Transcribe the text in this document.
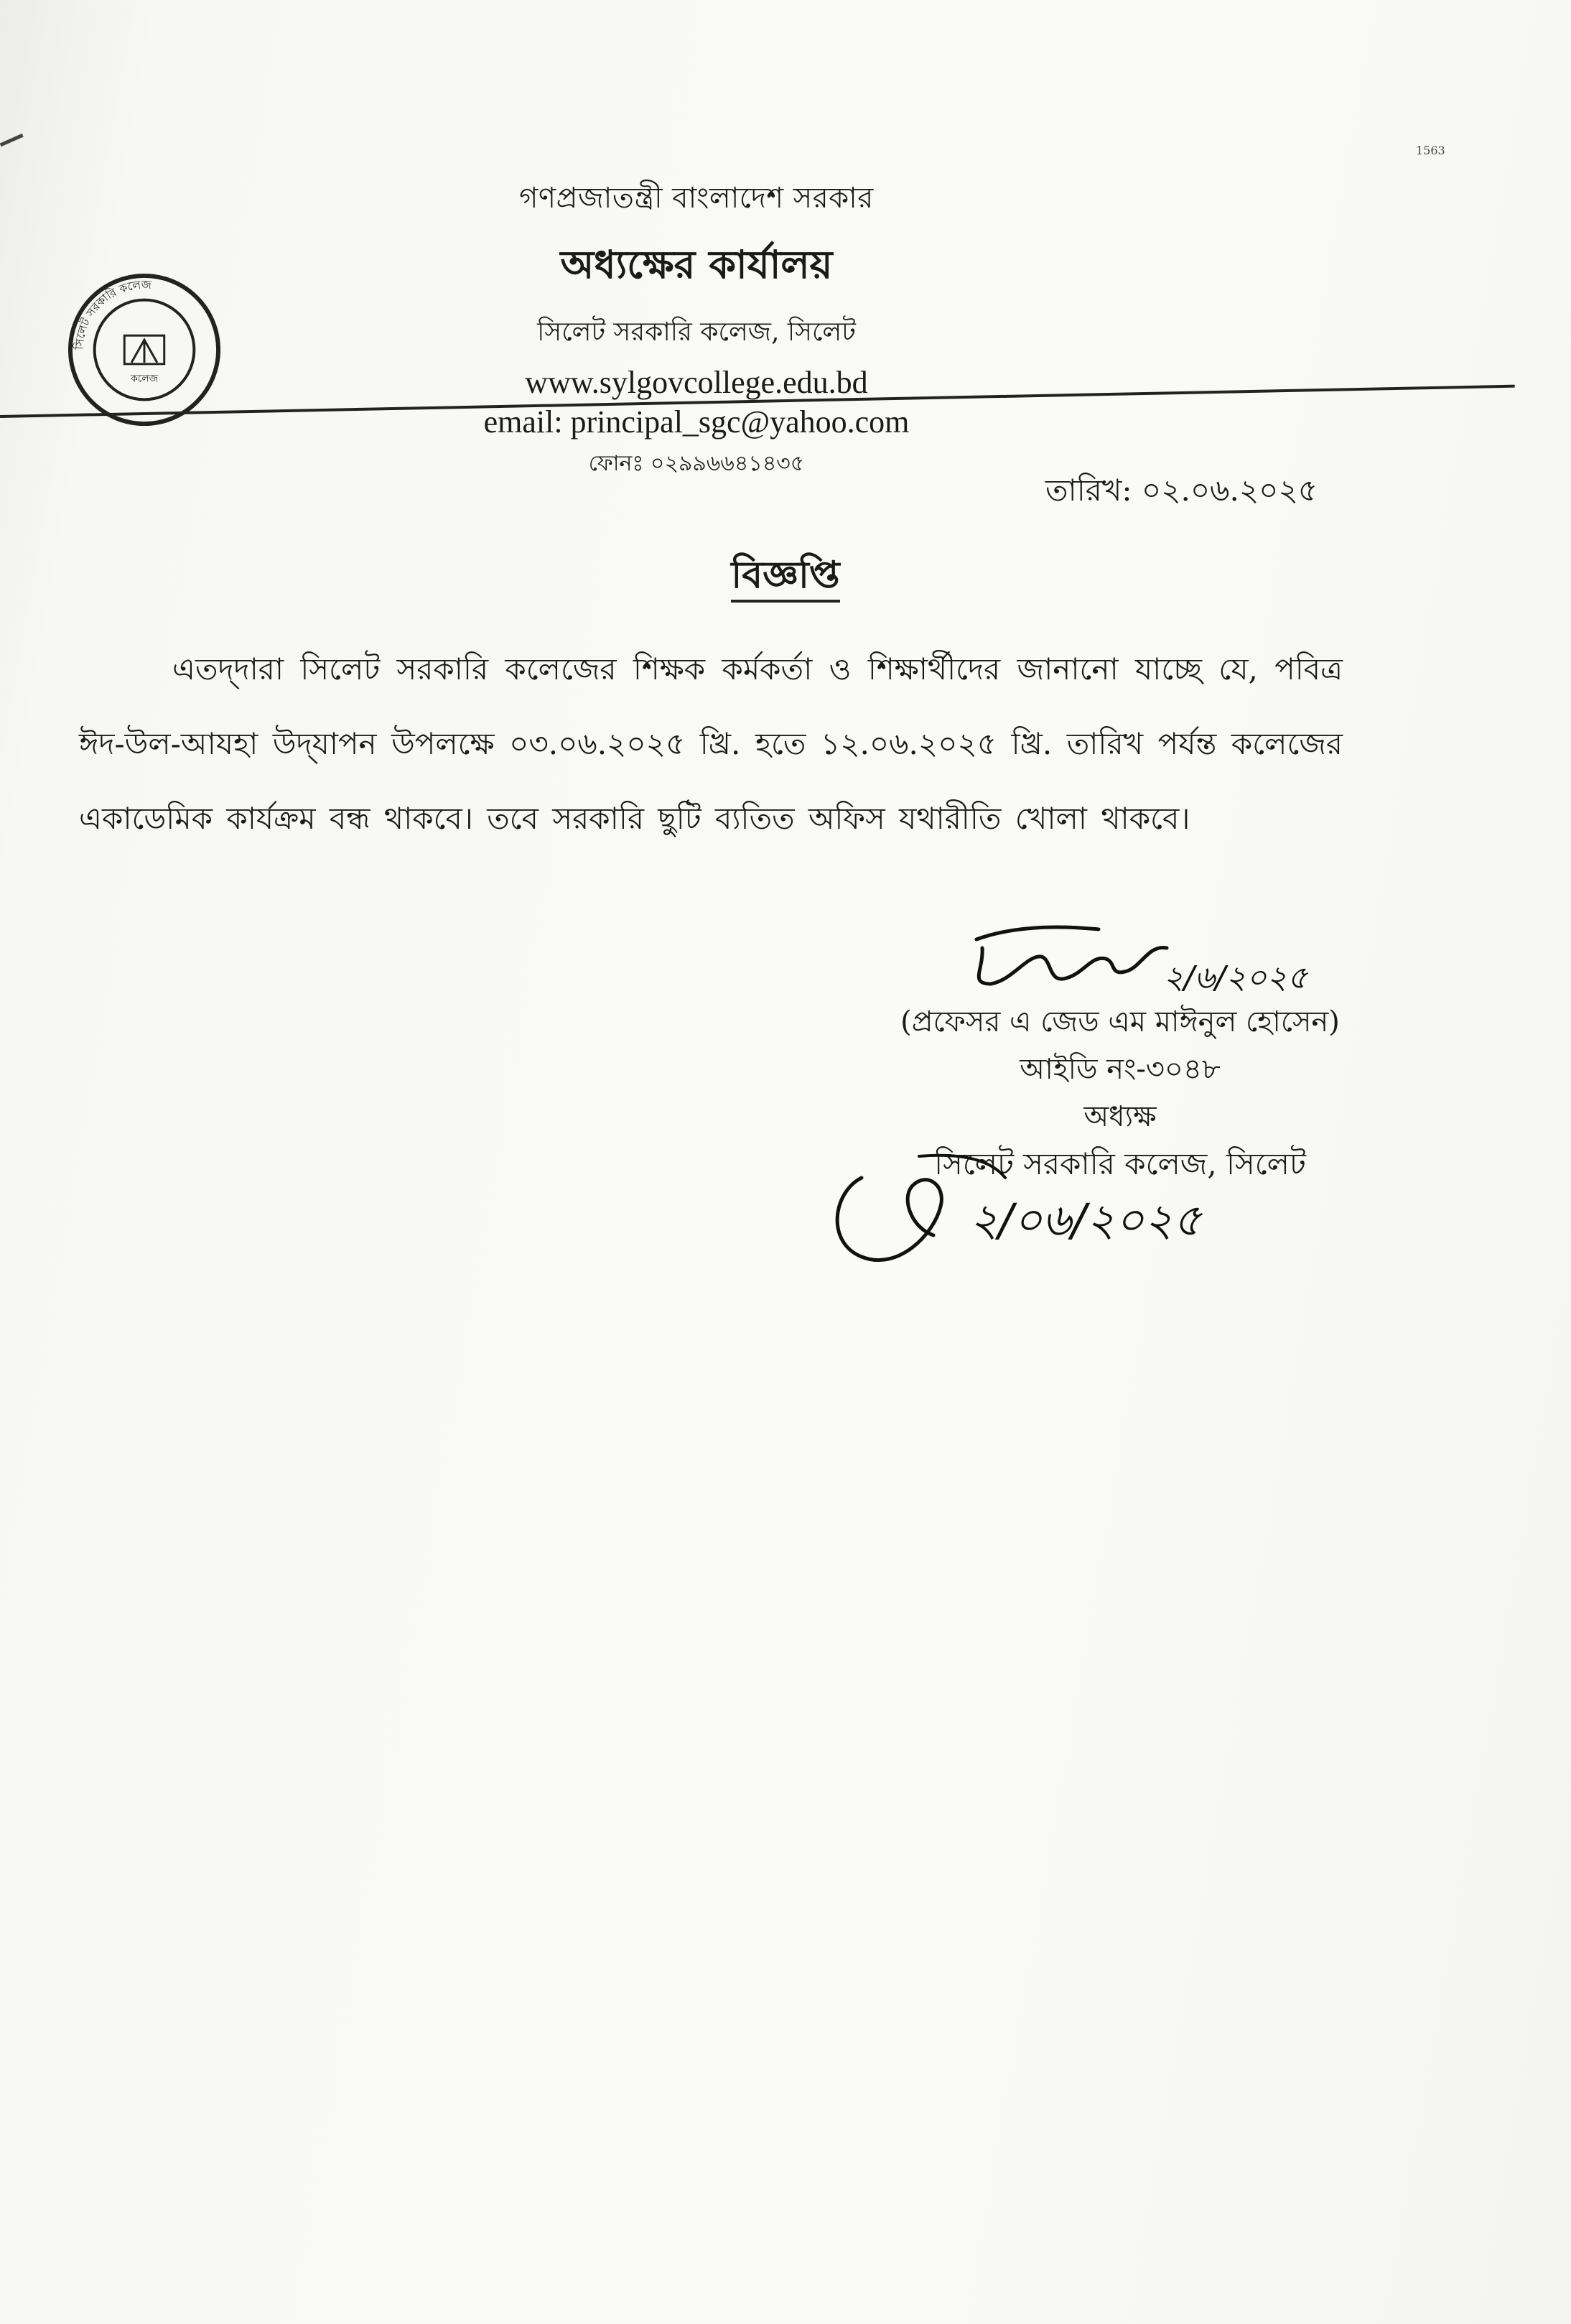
1563
সিলেট সরকারি কলেজ
কলেজ
গণপ্রজাতন্ত্রী বাংলাদেশ সরকার
অধ্যক্ষের কার্যালয়
সিলেট সরকারি কলেজ, সিলেট
www.sylgovcollege.edu.bd
email: principal_sgc@yahoo.com
ফোনঃ ০২৯৯৬৬৪১৪৩৫
তারিখ: ০২.০৬.২০২৫
বিজ্ঞপ্তি
এতদ্‌দারা সিলেট সরকারি কলেজের শিক্ষক কর্মকর্তা ও শিক্ষার্থীদের জানানো যাচ্ছে যে, পবিত্র ঈদ-উল-আযহা উদ্‌যাপন উপলক্ষে ০৩.০৬.২০২৫ খ্রি. হতে ১২.০৬.২০২৫ খ্রি. তারিখ পর্যন্ত কলেজের একাডেমিক কার্যক্রম বন্ধ থাকবে। তবে সরকারি ছুটি ব্যতিত অফিস যথারীতি খোলা থাকবে।
২/৬/২০২৫
(প্রফেসর এ জেড এম মাঈনুল হোসেন)
আইডি নং-৩০৪৮
অধ্যক্ষ
সিলেট সরকারি কলেজ, সিলেট
২/০৬/২০২৫
